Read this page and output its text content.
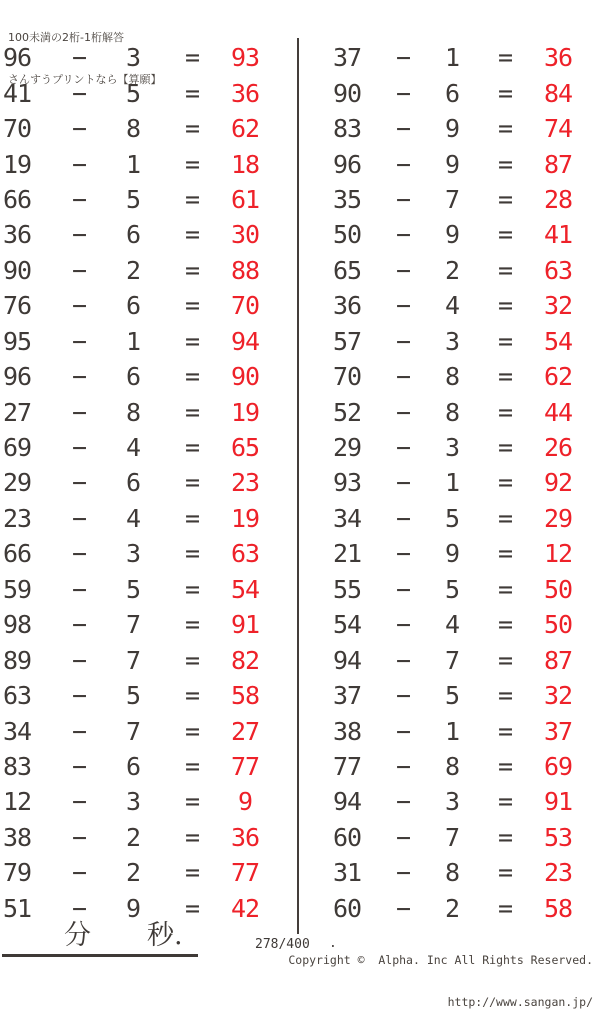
100未満の2桁-1桁解答

さんすうプリントなら【算願】

96	−	3	=	93
41	−	5	=	36
70	−	8	=	62
19	−	1	=	18
66	−	5	=	61
36	−	6	=	30
90	−	2	=	88
76	−	6	=	70
95	−	1	=	94
96	−	6	=	90
27	−	8	=	19
69	−	4	=	65
29	−	6	=	23
23	−	4	=	19
66	−	3	=	63
59	−	5	=	54
98	−	7	=	91
89	−	7	=	82
63	−	5	=	58
34	−	7	=	27
83	−	6	=	77
12	−	3	=	9
38	−	2	=	36
79	−	2	=	77
51	−	9	=	42
37	−	1	=	36
90	−	6	=	84
83	−	9	=	74
96	−	9	=	87
35	−	7	=	28
50	−	9	=	41
65	−	2	=	63
36	−	4	=	32
57	−	3	=	54
70	−	8	=	62
52	−	8	=	44
29	−	3	=	26
93	−	1	=	92
34	−	5	=	29
21	−	9	=	12
55	−	5	=	50
54	−	4	=	50
94	−	7	=	87
37	−	5	=	32
38	−	1	=	37
77	−	8	=	69
94	−	3	=	91
60	−	7	=	53
31	−	8	=	23
60	−	2	=	58
分 秒.	278/400 .

Copyright ©  Alpha. Inc All Rights Reserved.

http://www.sangan.jp/
